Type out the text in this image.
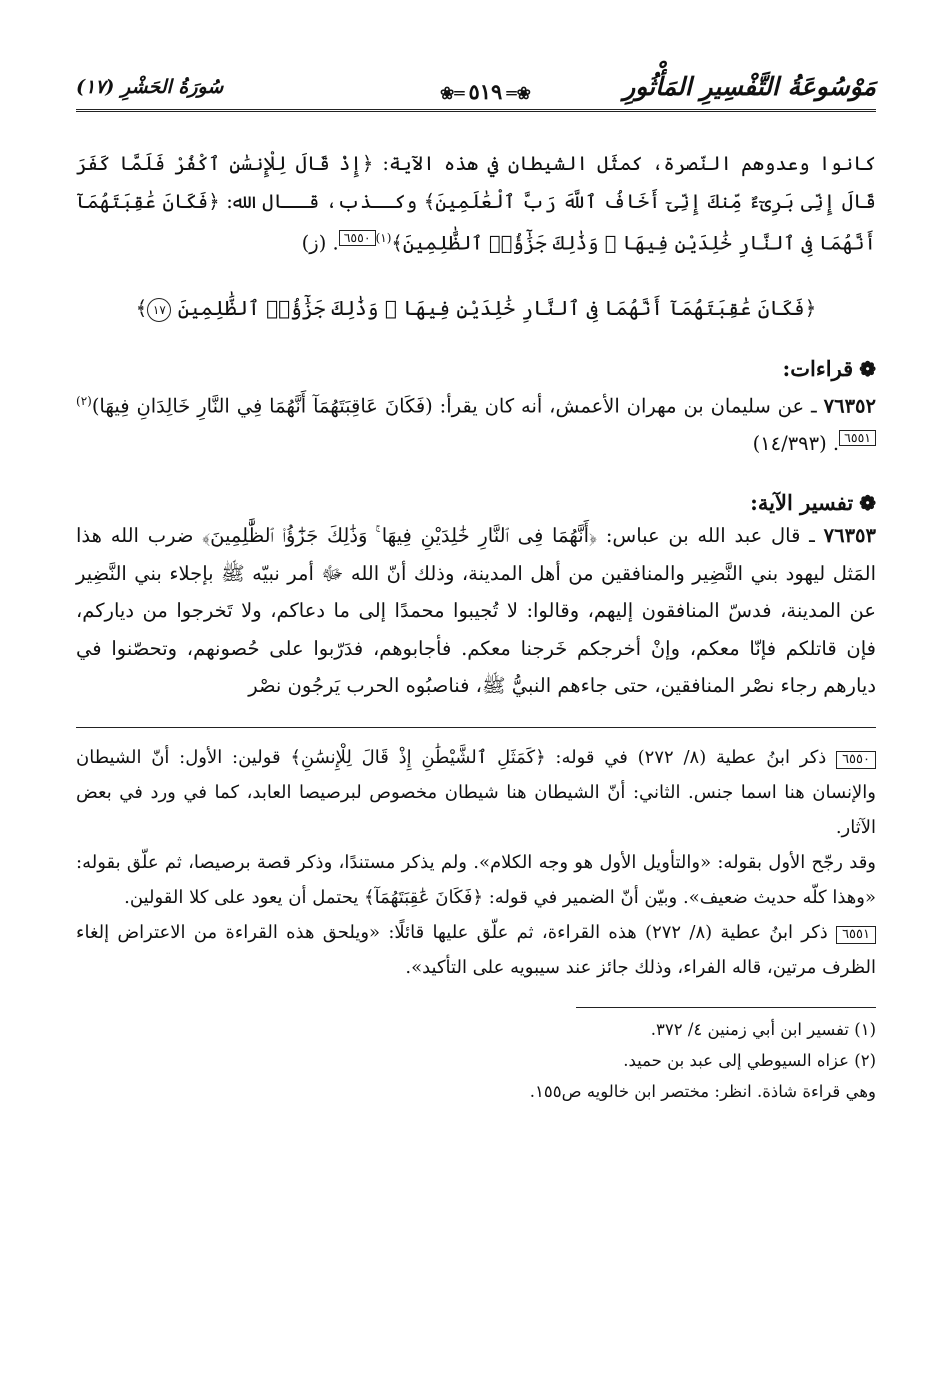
مَوْسُوعَةُ التَّفْسِيرِ المَأْثُورِ
❀═٥١٩═❀
سُورَةُ الحَشْرِ (١٧)

كانوا وعدوهم النّصرة، كمثَل الشيطان في هذه الآية: ﴿إِذْ قَالَ لِلْإِنسَٰنِ ٱكْفُرْ فَلَمَّا كَفَرَ قَالَ إِنِّى بَرِىٓءٌ مِّنكَ إِنِّىٓ أَخَافُ ٱللَّهَ رَبَّ ٱلْعَٰلَمِينَ﴾ وكــذب، قــال الله: ﴿فَكَانَ عَٰقِبَتَهُمَآ أَنَّهُمَا فِى ٱلنَّارِ خَٰلِدَيْنِ فِيهَا ۚ وَذَٰلِكَ جَزَٰٓؤُا۟ ٱلظَّٰلِمِينَ﴾$^{(١)}$٦٥٥٠. (ز)

﴿فَكَانَ عَٰقِبَتَهُمَآ أَنَّهُمَا فِى ٱلنَّارِ خَٰلِدَيْنِ فِيهَا ۚ وَذَٰلِكَ جَزَٰٓؤُا۟ ٱلظَّٰلِمِينَ ١٧﴾
❁قراءات:

٧٦٣٥٢ ـ عن سليمان بن مهران الأعمش، أنه كان يقرأ: (فَكَانَ عَاقِبَتَهُمَآ أَنَّهُمَا فِي النَّارِ خَالِدَانِ فِيهَا)$^{(٢)}$٦٥٥١. (١٤/٣٩٣)

❁تفسير الآية:

٧٦٣٥٣ ـ قال عبد الله بن عباس: ﴿أَنَّهُمَا فِى ٱلنَّارِ خَٰلِدَيْنِ فِيهَا ۚ وَذَٰلِكَ جَزَٰٓؤُا۟ ٱلظَّٰلِمِينَ﴾ ضرب الله هذا المَثل ليهود بني النَّضِير والمنافقين من أهل المدينة، وذلك أنّ الله ﷻ أمر نبيّه ﷺ بإجلاء بني النَّضِير عن المدينة، فدسّ المنافقون إليهم، وقالوا: لا تُجيبوا محمدًا إلى ما دعاكم، ولا تَخرجوا من دياركم، فإن قاتلكم فإنّا معكم، وإنْ أخرجكم خَرجنا معكم. فأجابوهم، فدَرّبوا على حُصونهم، وتحصّنوا في ديارهم رجاء نصْر المنافقين، حتى جاءهم النبيُّ ﷺ، فناصبُوه الحرب يَرجُون نصْر

٦٥٥٠ ذكر ابنُ عطية (٨/ ٢٧٢) في قوله: ﴿كَمَثَلِ ٱلشَّيْطَٰنِ إِذْ قَالَ لِلْإِنسَٰنِ﴾ قولين: الأول: أنّ الشيطان والإنسان هنا اسما جنس. الثاني: أنّ الشيطان هنا شيطان مخصوص لبرصيصا العابد، كما في ورد في بعض الآثار.

وقد رجّح الأول بقوله: «والتأويل الأول هو وجه الكلام». ولم يذكر مستندًا، وذكر قصة برصيصا، ثم علّق بقوله: «وهذا كلّه حديث ضعيف». وبيّن أنّ الضمير في قوله: ﴿فَكَانَ عَٰقِبَتَهُمَآ﴾ يحتمل أن يعود على كلا القولين.

٦٥٥١ ذكر ابنُ عطية (٨/ ٢٧٢) هذه القراءة، ثم علّق عليها قائلًا: «ويلحق هذه القراءة من الاعتراض إلغاء الظرف مرتين، قاله الفراء، وذلك جائز عند سيبويه على التأكيد».

(١) تفسير ابن أبي زمنين ٤/ ٣٧٢.

(٢) عزاه السيوطي إلى عبد بن حميد.

وهي قراءة شاذة. انظر: مختصر ابن خالويه ص١٥٥.
